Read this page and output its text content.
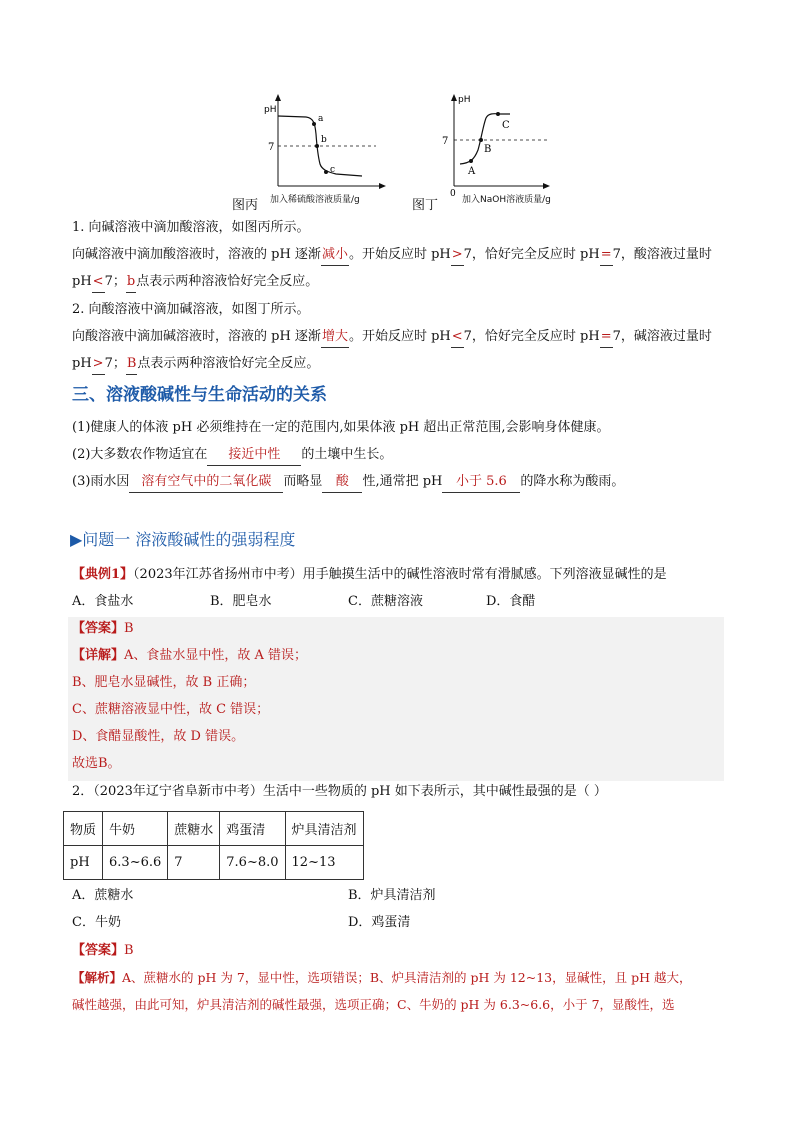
pH
7
a
b
c
加入稀硫酸溶液质量/g
图丙
pH
7
0
A
B
C
加入NaOH溶液质量/g
图丁
1. 向碱溶液中滴加酸溶液，如图丙所示。
向碱溶液中滴加酸溶液时，溶液的 pH 逐渐减小。开始反应时 pH>7，恰好完全反应时 pH=7，酸溶液过量时
pH<7；b点表示两种溶液恰好完全反应。
2. 向酸溶液中滴加碱溶液，如图丁所示。
向酸溶液中滴加碱溶液时，溶液的 pH 逐渐增大。开始反应时 pH<7，恰好完全反应时 pH=7，碱溶液过量时
pH>7；B点表示两种溶液恰好完全反应。
三、溶液酸碱性与生命活动的关系
(1)健康人的体液 pH 必须维持在一定的范围内,如果体液 pH 超出正常范围,会影响身体健康。
(2)大多数农作物适宜在 接近中性 的土壤中生长。
(3)雨水因 溶有空气中的二氧化碳 而略显 酸 性,通常把 pH 小于 5.6 的降水称为酸雨。
▶问题一 溶液酸碱性的强弱程度
【典例1】（2023年江苏省扬州市中考）用手触摸生活中的碱性溶液时常有滑腻感。下列溶液显碱性的是
A．食盐水	B．肥皂水	C．蔗糖溶液	D．食醋
【答案】B
【详解】A、食盐水显中性，故 A 错误；
B、肥皂水显碱性，故 B 正确；
C、蔗糖溶液显中性，故 C 错误；
D、食醋显酸性，故 D 错误。
故选B。
2．（2023年辽宁省阜新市中考）生活中一些物质的 pH 如下表所示，其中碱性最强的是（ ）
物质	牛奶	蔗糖水	鸡蛋清	炉具清洁剂
pH	6.3~6.6	7	7.6~8.0	12~13
A．蔗糖水	B．炉具清洁剂
C．牛奶	D．鸡蛋清
【答案】B
【解析】A、蔗糖水的 pH 为 7，显中性，选项错误；B、炉具清洁剂的 pH 为 12~13，显碱性，且 pH 越大，
碱性越强，由此可知，炉具清洁剂的碱性最强，选项正确；C、牛奶的 pH 为 6.3~6.6，小于 7，显酸性，选
